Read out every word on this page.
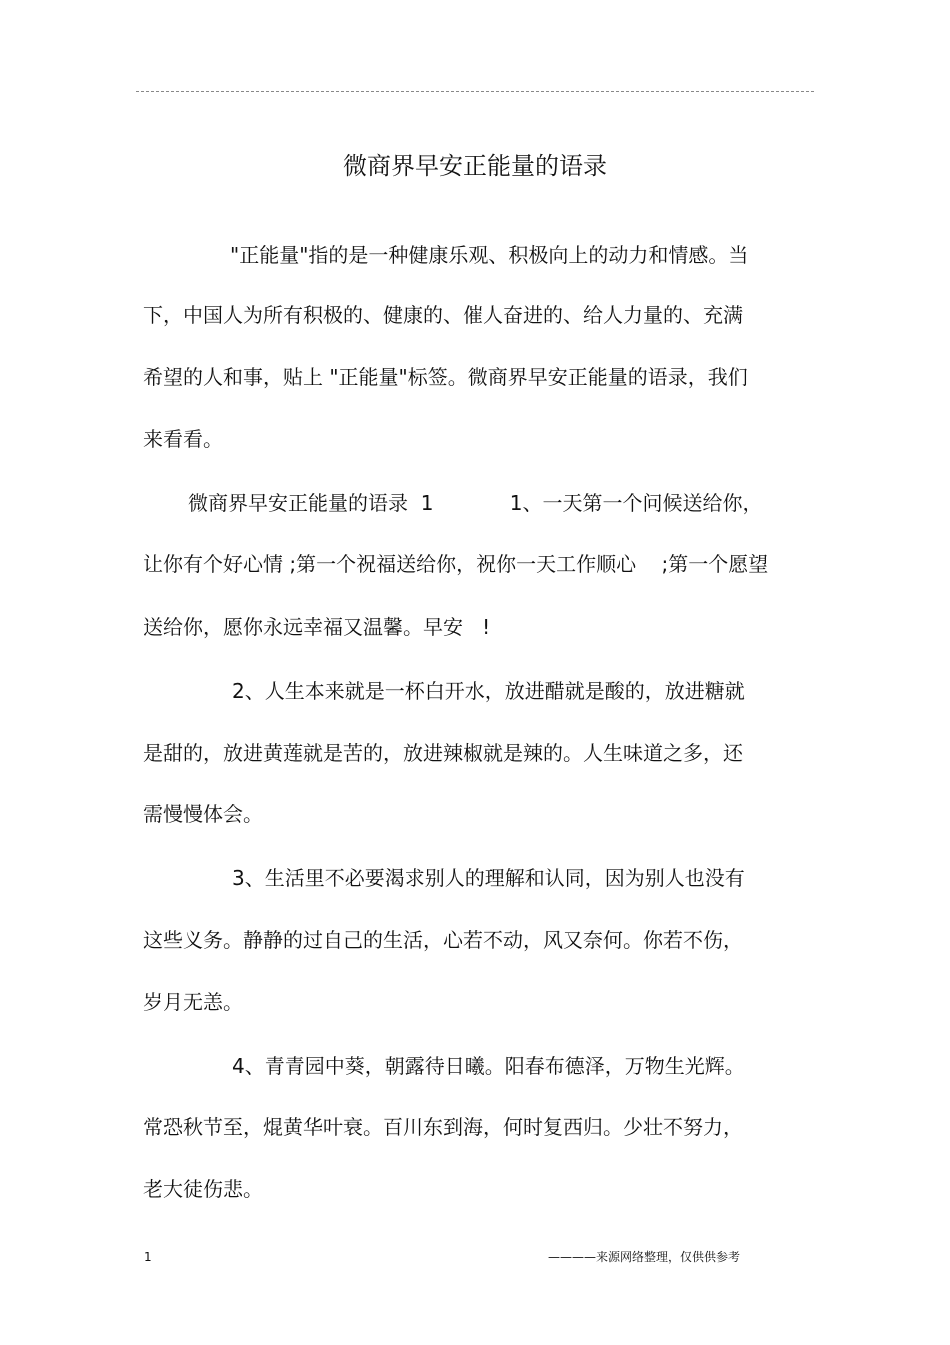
微商界早安正能量的语录
"正能量"指的是一种健康乐观、积极向上的动力和情感。当
下，中国人为所有积极的、健康的、催人奋进的、给人力量的、充满
希望的人和事，贴上 "正能量"标签。微商界早安正能量的语录，我们
来看看。
微商界早安正能量的语录  1            1、一天第一个问候送给你，
让你有个好心情 ;第一个祝福送给你，祝你一天工作顺心    ;第一个愿望
送给你，愿你永远幸福又温馨。早安   !
2、人生本来就是一杯白开水，放进醋就是酸的，放进糖就
是甜的，放进黄莲就是苦的，放进辣椒就是辣的。人生味道之多，还
需慢慢体会。
3、生活里不必要渴求别人的理解和认同，因为别人也没有
这些义务。静静的过自己的生活，心若不动，风又奈何。你若不伤，
岁月无恙。
4、青青园中葵，朝露待日曦。阳春布德泽，万物生光辉。
常恐秋节至，焜黄华叶衰。百川东到海，何时复西归。少壮不努力，
老大徒伤悲。
1	————来源网络整理，仅供供参考
